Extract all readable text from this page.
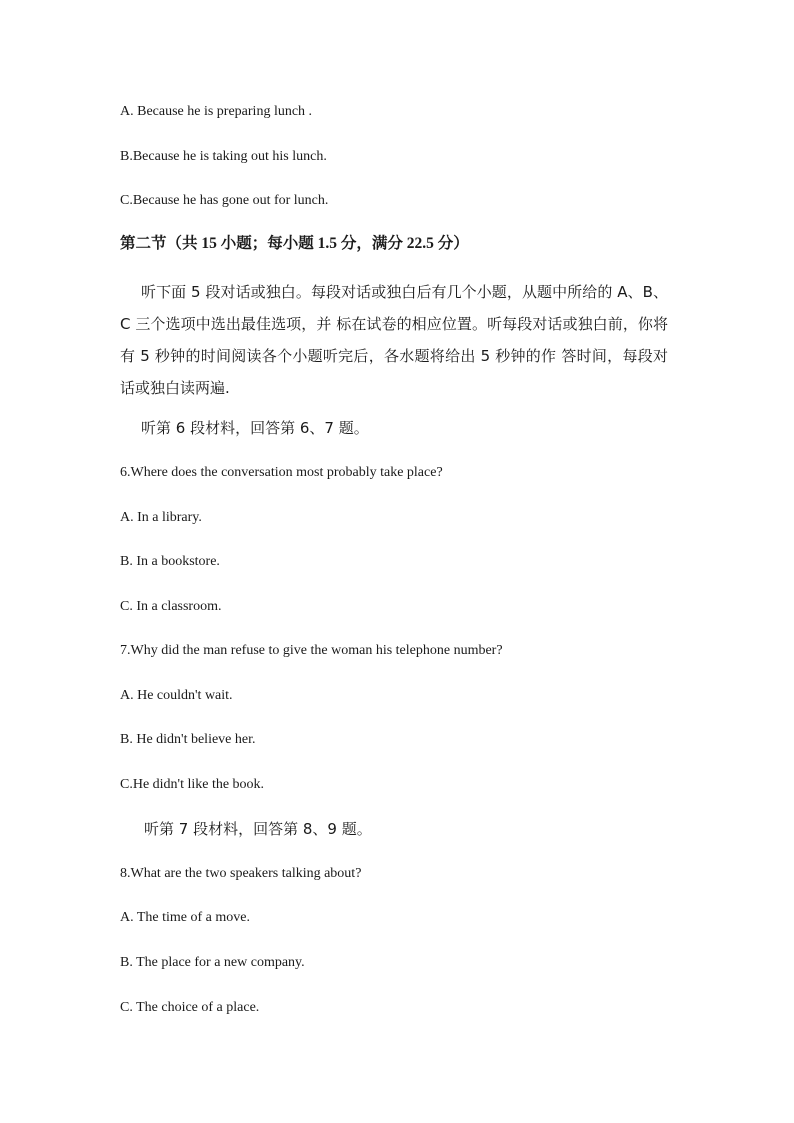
A. Because he is preparing lunch .
B.Because he is taking out his lunch.
C.Because he has gone out for lunch.
第二节（共 15 小题；每小题 1.5 分，满分 22.5 分）
听下面 5 段对话或独白。每段对话或独白后有几个小题，从题中所给的 A、B、C 三个选项中选出最佳选项，并 标在试卷的相应位置。听每段对话或独白前，你将有 5 秒钟的时间阅读各个小题听完后，各水题将给出 5 秒钟的作 答时间，每段对话或独白读两遍.
听第 6 段材料，回答第 6、7 题。
6.Where does the conversation most probably take place?
A. In a library.
B. In a bookstore.
C. In a classroom.
7.Why did the man refuse to give the woman his telephone number?
A. He couldn't wait.
B. He didn't believe her.
C.He didn't like the book.
听第 7 段材料，回答第 8、9 题。
8.What are the two speakers talking about?
A. The time of a move.
B. The place for a new company.
C. The choice of a place.
